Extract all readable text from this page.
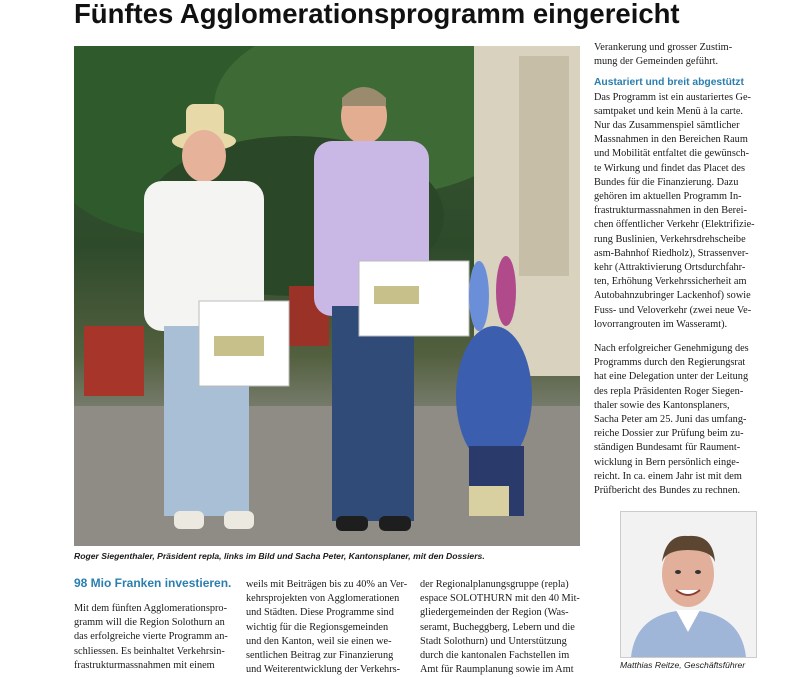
Fünftes Agglomerationsprogramm eingereicht
Roger Siegenthaler, Präsident repla, links im Bild und Sacha Peter, Kantonsplaner, mit den Dossiers.

Verankerung und grosser Zustim-

mung der Gemeinden geführt.

Austariert und breit abgestützt

Das Programm ist ein austariertes Ge-

samtpaket und kein Menü à la carte.

Nur das Zusammenspiel sämtlicher

Massnahmen in den Bereichen Raum

und Mobilität entfaltet die gewünsch-

te Wirkung und findet das Placet des

Bundes für die Finanzierung. Dazu

gehören im aktuellen Programm In-

frastrukturmassnahmen in den Berei-

chen öffentlicher Verkehr (Elektrifizie-

rung Buslinien, Verkehrsdrehscheibe

asm-Bahnhof Riedholz), Strassenver-

kehr (Attraktivierung Ortsdurchfahr-

ten, Erhöhung Verkehrssicherheit am

Autobahnzubringer Lackenhof) sowie

Fuss- und Veloverkehr (zwei neue Ve-

lovorrangrouten im Wasseramt).

Nach erfolgreicher Genehmigung des

Programms durch den Regierungsrat

hat eine Delegation unter der Leitung

des repla Präsidenten Roger Siegen-

thaler sowie des Kantonsplaners,

Sacha Peter am 25. Juni das umfang-

reiche Dossier zur Prüfung beim zu-

ständigen Bundesamt für Raument-

wicklung in Bern persönlich einge-

reicht. In ca. einem Jahr ist mit dem

Prüfbericht des Bundes zu rechnen.

98 Mio Franken investieren.

Mit dem fünften Agglomerationspro-

gramm will die Region Solothurn an

das erfolgreiche vierte Programm an-

schliessen. Es beinhaltet Verkehrsin-

frastrukturmassnahmen mit einem

weils mit Beiträgen bis zu 40% an Ver-

kehrsprojekten von Agglomerationen

und Städten. Diese Programme sind

wichtig für die Regionsgemeinden

und den Kanton, weil sie einen we-

sentlichen Beitrag zur Finanzierung

und Weiterentwicklung der Verkehrs-

der Regionalplanungsgruppe (repla)

espace SOLOTHURN mit den 40 Mit-

gliedergemeinden der Region (Was-

seramt, Bucheggberg, Lebern und die

Stadt Solothurn) und Unterstützung

durch die kantonalen Fachstellen im

Amt für Raumplanung sowie im Amt	Matthias Reitze, Geschäftsführer
